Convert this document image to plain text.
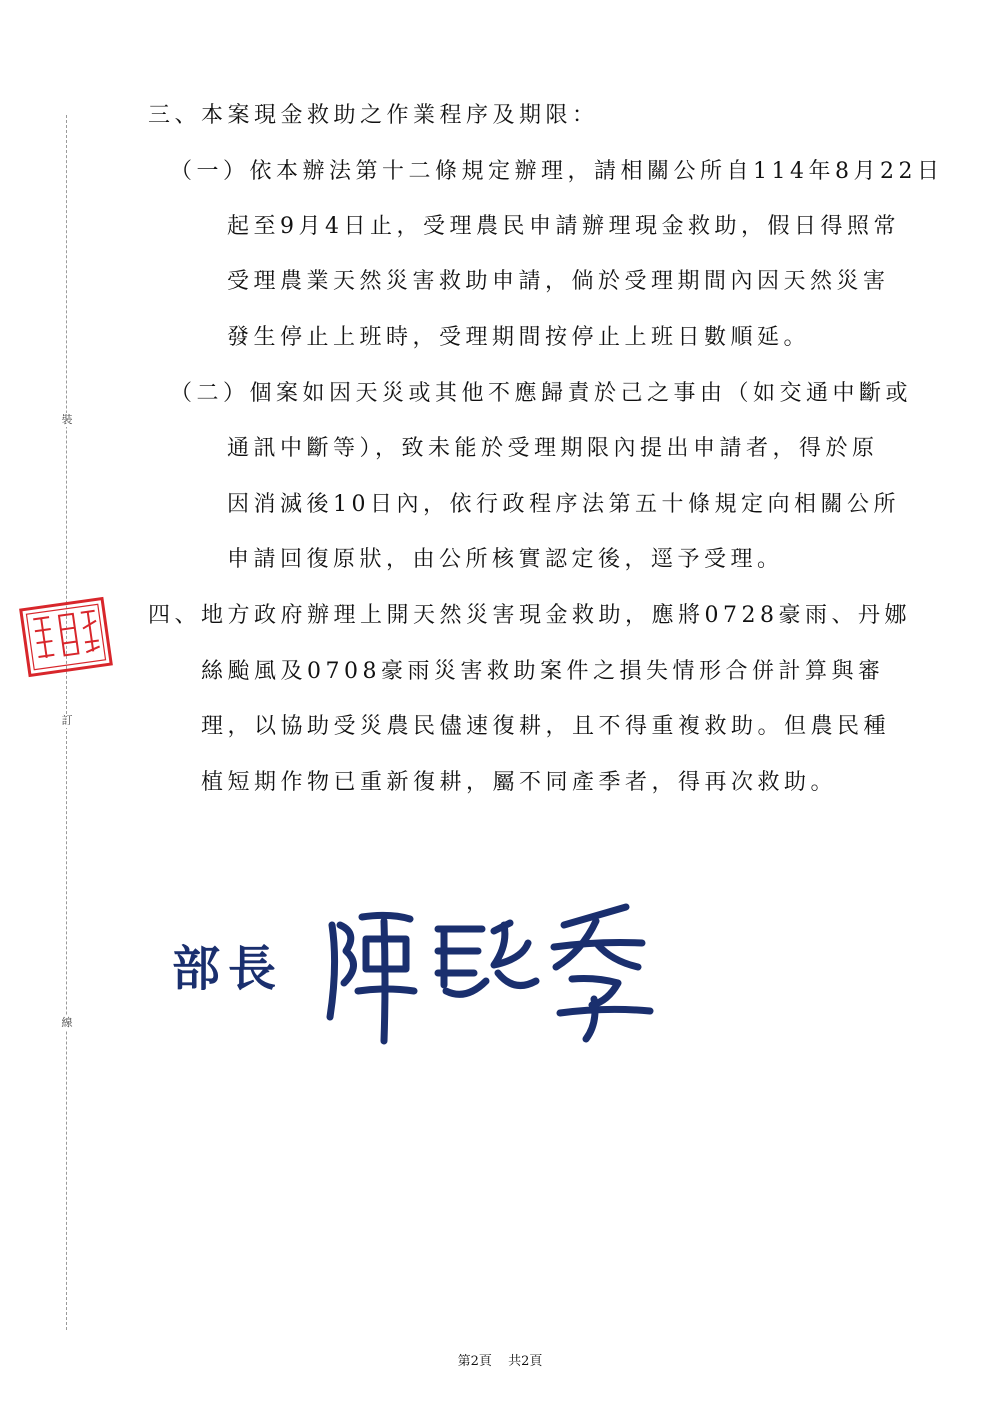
裝
訂
線
三、本案現金救助之作業程序及期限：
（一）依本辦法第十二條規定辦理，請相關公所自114年8月22日
起至9月4日止，受理農民申請辦理現金救助，假日得照常
受理農業天然災害救助申請，倘於受理期間內因天然災害
發生停止上班時，受理期間按停止上班日數順延。
（二）個案如因天災或其他不應歸責於己之事由（如交通中斷或
通訊中斷等），致未能於受理期限內提出申請者，得於原
因消滅後10日內，依行政程序法第五十條規定向相關公所
申請回復原狀，由公所核實認定後，逕予受理。
四、地方政府辦理上開天然災害現金救助，應將0728豪雨、丹娜
絲颱風及0708豪雨災害救助案件之損失情形合併計算與審
理，以協助受災農民儘速復耕，且不得重複救助。但農民種
植短期作物已重新復耕，屬不同產季者，得再次救助。
部長
第2頁 共2頁
